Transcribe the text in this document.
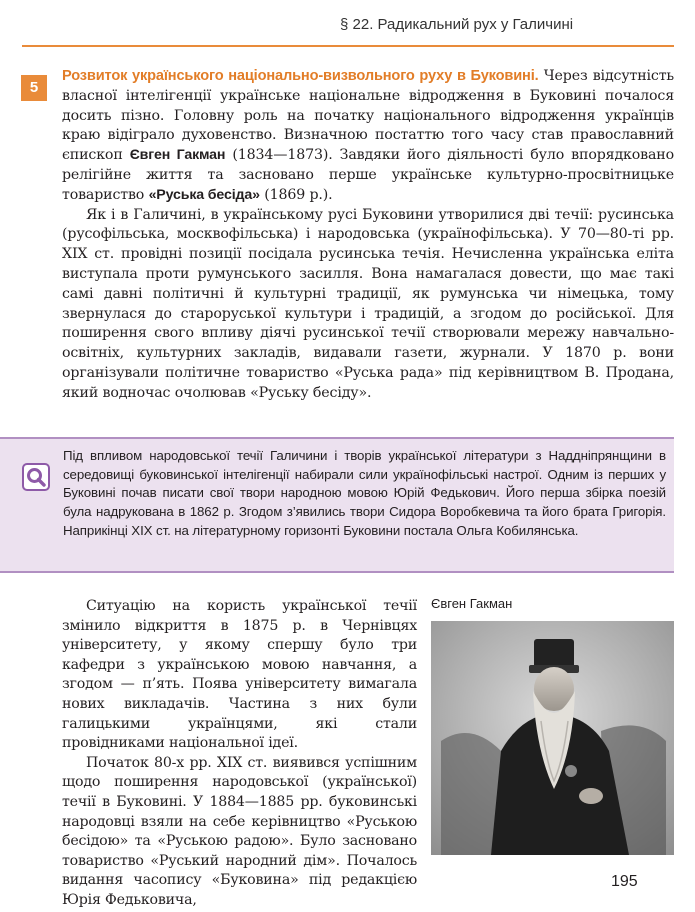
§ 22. Радикальний рух у Галичині
5

Розвиток українського національно-визвольного руху в Буковині. Через відсутність власної інтелігенції українське національне відродження в Буковині почалося досить пізно. Головну роль на початку національного відродження українців краю відіграло духовенство. Визначною постаттю того часу став православний єпископ Євген Гакман (1834—1873). Завдяки його діяльності було впорядковано релігійне життя та засновано перше українське культурно-просвітницьке товариство «Руська бесіда» (1869 р.).

Як і в Галичині, в українському русі Буковини утворилися дві течії: русинська (русофільська, москвофільська) і народовська (українофільська). У 70—80-ті рр. XIX ст. провідні позиції посідала русинська течія. Нечисленна українська еліта виступала проти румунського засилля. Вона намагалася довести, що має такі самі давні політичні й культурні традиції, як румунська чи німецька, тому звернулася до староруської культури і традицій, а згодом до російської. Для поширення свого впливу діячі русинської течії створювали мережу навчально-освітніх, культурних закладів, видавали газети, журнали. У 1870 р. вони організували політичне товариство «Руська рада» під керівництвом В. Продана, який водночас очолював «Руську бесіду».

Під впливом народовської течії Галичини і творів української літератури з Наддніпрянщини в середовищі буковинської інтелігенції набирали сили українофільські настрої. Одним із перших у Буковині почав писати свої твори народною мовою Юрій Федькович. Його перша збірка поезій була надрукована в 1862 р. Згодом з’явились твори Сидора Воробкевича та його брата Григорія. Наприкінці XIX ст. на літературному горизонті Буковини постала Ольга Кобилянська.

Ситуацію на користь української течії змінило відкриття в 1875 р. в Чернівцях університету, у якому спершу було три кафедри з українською мовою навчання, а згодом — п’ять. Поява університету вимагала нових викладачів. Частина з них були галицькими українцями, які стали провідниками національної ідеї.

Початок 80-х рр. XIX ст. виявився успішним щодо поширення народовської (української) течії в Буковині. У 1884—1885 рр. буковинські народовці взяли на себе керівництво «Руською бесідою» та «Руською радою». Було засновано товариство «Руський народний дім». Почалось видання часопису «Буковина» під редакцією Юрія Федьковича,

Євген Гакман
195
